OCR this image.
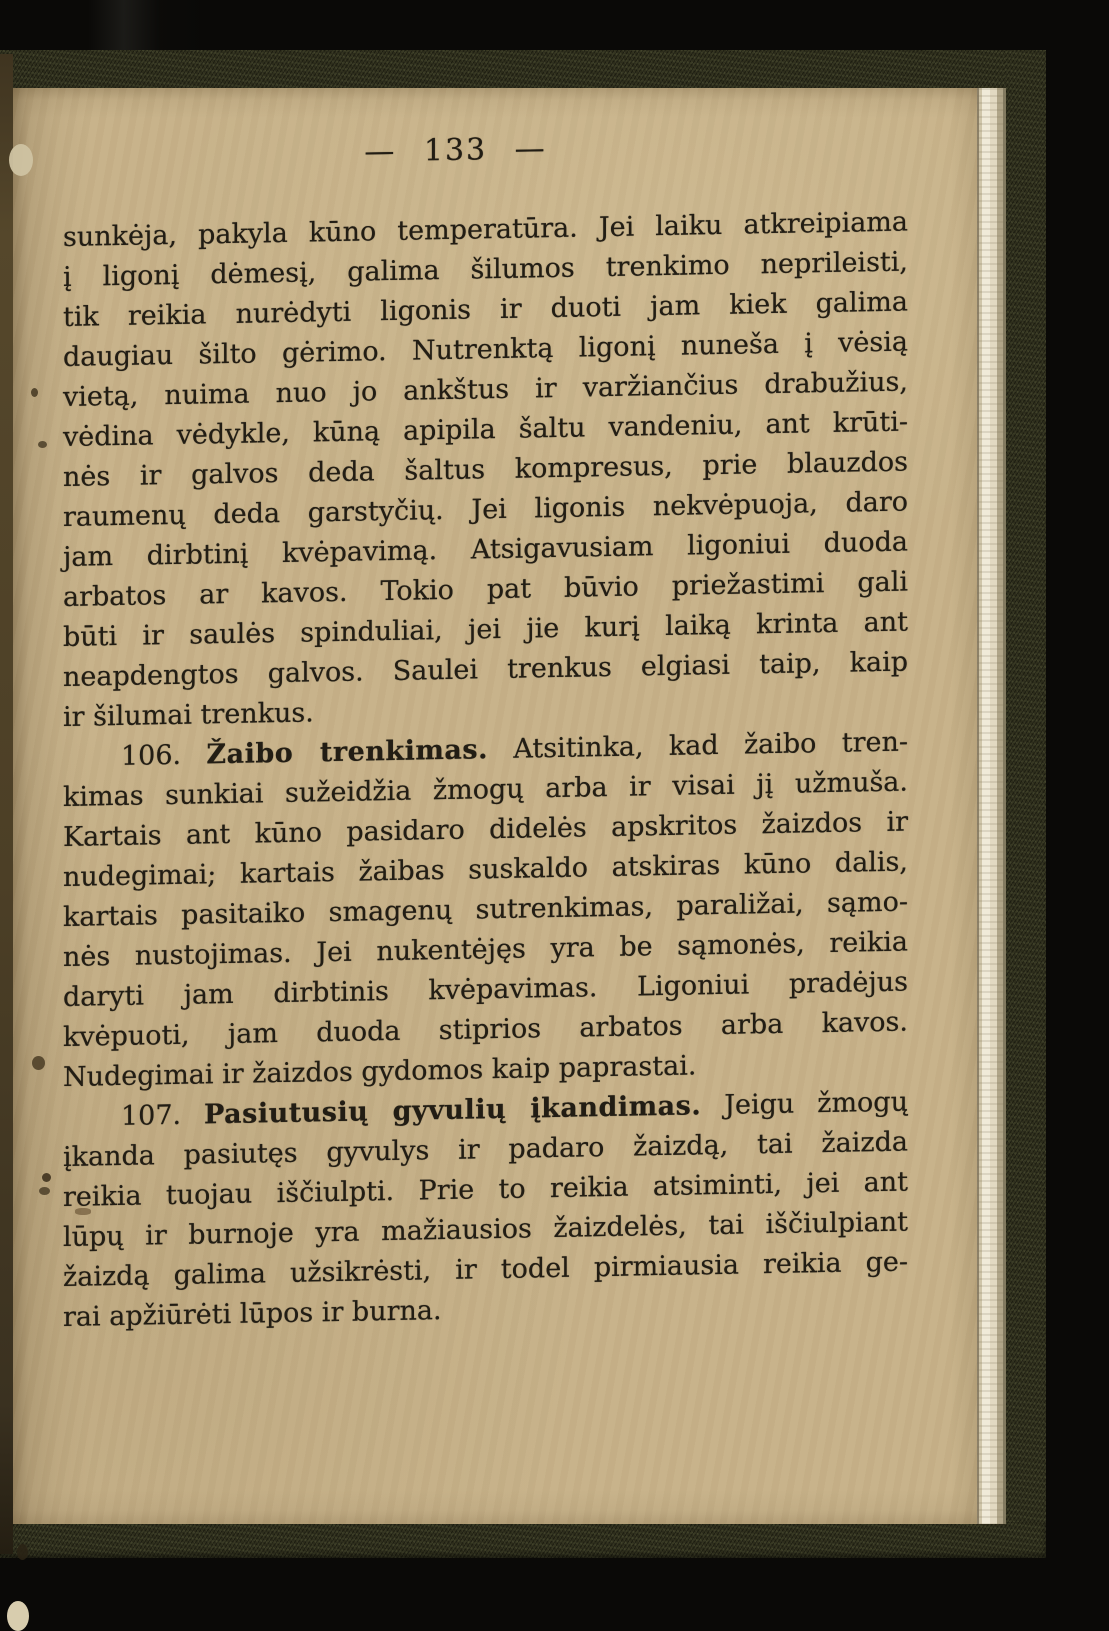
— 133 —
sunkėja, pakyla kūno temperatūra. Jei laiku atkreipiama
į ligonį dėmesį, galima šilumos trenkimo neprileisti,
tik reikia nurėdyti ligonis ir duoti jam kiek galima
daugiau šilto gėrimo. Nutrenktą ligonį nuneša į vėsią
vietą, nuima nuo jo ankštus ir varžiančius drabužius,
vėdina vėdykle, kūną apipila šaltu vandeniu, ant krūti-
nės ir galvos deda šaltus kompresus, prie blauzdos
raumenų deda garstyčių. Jei ligonis nekvėpuoja, daro
jam dirbtinį kvėpavimą. Atsigavusiam ligoniui duoda
arbatos ar kavos. Tokio pat būvio priežastimi gali
būti ir saulės spinduliai, jei jie kurį laiką krinta ant
neapdengtos galvos. Saulei trenkus elgiasi taip, kaip
ir šilumai trenkus.
106. Žaibo trenkimas. Atsitinka, kad žaibo tren-
kimas sunkiai sužeidžia žmogų arba ir visai jį užmuša.
Kartais ant kūno pasidaro didelės apskritos žaizdos ir
nudegimai; kartais žaibas suskaldo atskiras kūno dalis,
kartais pasitaiko smagenų sutrenkimas, paraližai, sąmo-
nės nustojimas. Jei nukentėjęs yra be sąmonės, reikia
daryti jam dirbtinis kvėpavimas. Ligoniui pradėjus
kvėpuoti, jam duoda stiprios arbatos arba kavos.
Nudegimai ir žaizdos gydomos kaip paprastai.
107. Pasiutusių gyvulių įkandimas. Jeigu žmogų
įkanda pasiutęs gyvulys ir padaro žaizdą, tai žaizda
reikia tuojau iščiulpti. Prie to reikia atsiminti, jei ant
lūpų ir burnoje yra mažiausios žaizdelės, tai iščiulpiant
žaizdą galima užsikrėsti, ir todel pirmiausia reikia ge-
rai apžiūrėti lūpos ir burna.
